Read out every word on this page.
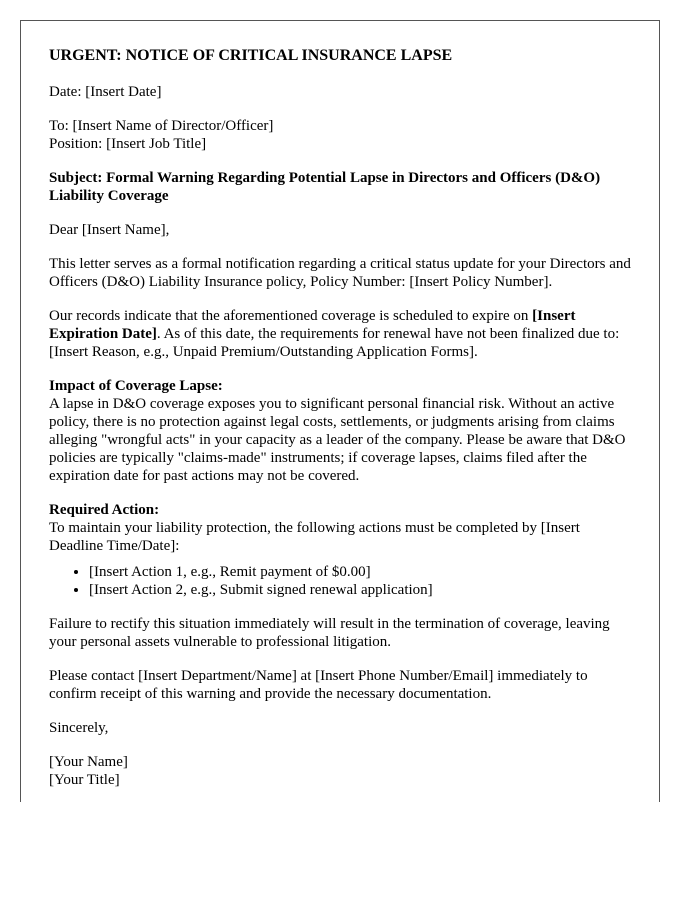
URGENT: NOTICE OF CRITICAL INSURANCE LAPSE

Date: [Insert Date]

To: [Insert Name of Director/Officer]
Position: [Insert Job Title]

Subject: Formal Warning Regarding Potential Lapse in Directors and Officers (D&O) Liability Coverage

Dear [Insert Name],

This letter serves as a formal notification regarding a critical status update for your Directors and Officers (D&O) Liability Insurance policy, Policy Number: [Insert Policy Number].

Our records indicate that the aforementioned coverage is scheduled to expire on [Insert Expiration Date]. As of this date, the requirements for renewal have not been finalized due to: [Insert Reason, e.g., Unpaid Premium/Outstanding Application Forms].

Impact of Coverage Lapse:
A lapse in D&O coverage exposes you to significant personal financial risk. Without an active policy, there is no protection against legal costs, settlements, or judgments arising from claims alleging "wrongful acts" in your capacity as a leader of the company. Please be aware that D&O policies are typically "claims-made" instruments; if coverage lapses, claims filed after the expiration date for past actions may not be covered.
Required Action:
To maintain your liability protection, the following actions must be completed by [Insert Deadline Time/Date]:
• [Insert Action 1, e.g., Remit payment of $0.00]
• [Insert Action 2, e.g., Submit signed renewal application]

Failure to rectify this situation immediately will result in the termination of coverage, leaving your personal assets vulnerable to professional litigation.

Please contact [Insert Department/Name] at [Insert Phone Number/Email] immediately to confirm receipt of this warning and provide the necessary documentation.

Sincerely,

[Your Name]
[Your Title]
